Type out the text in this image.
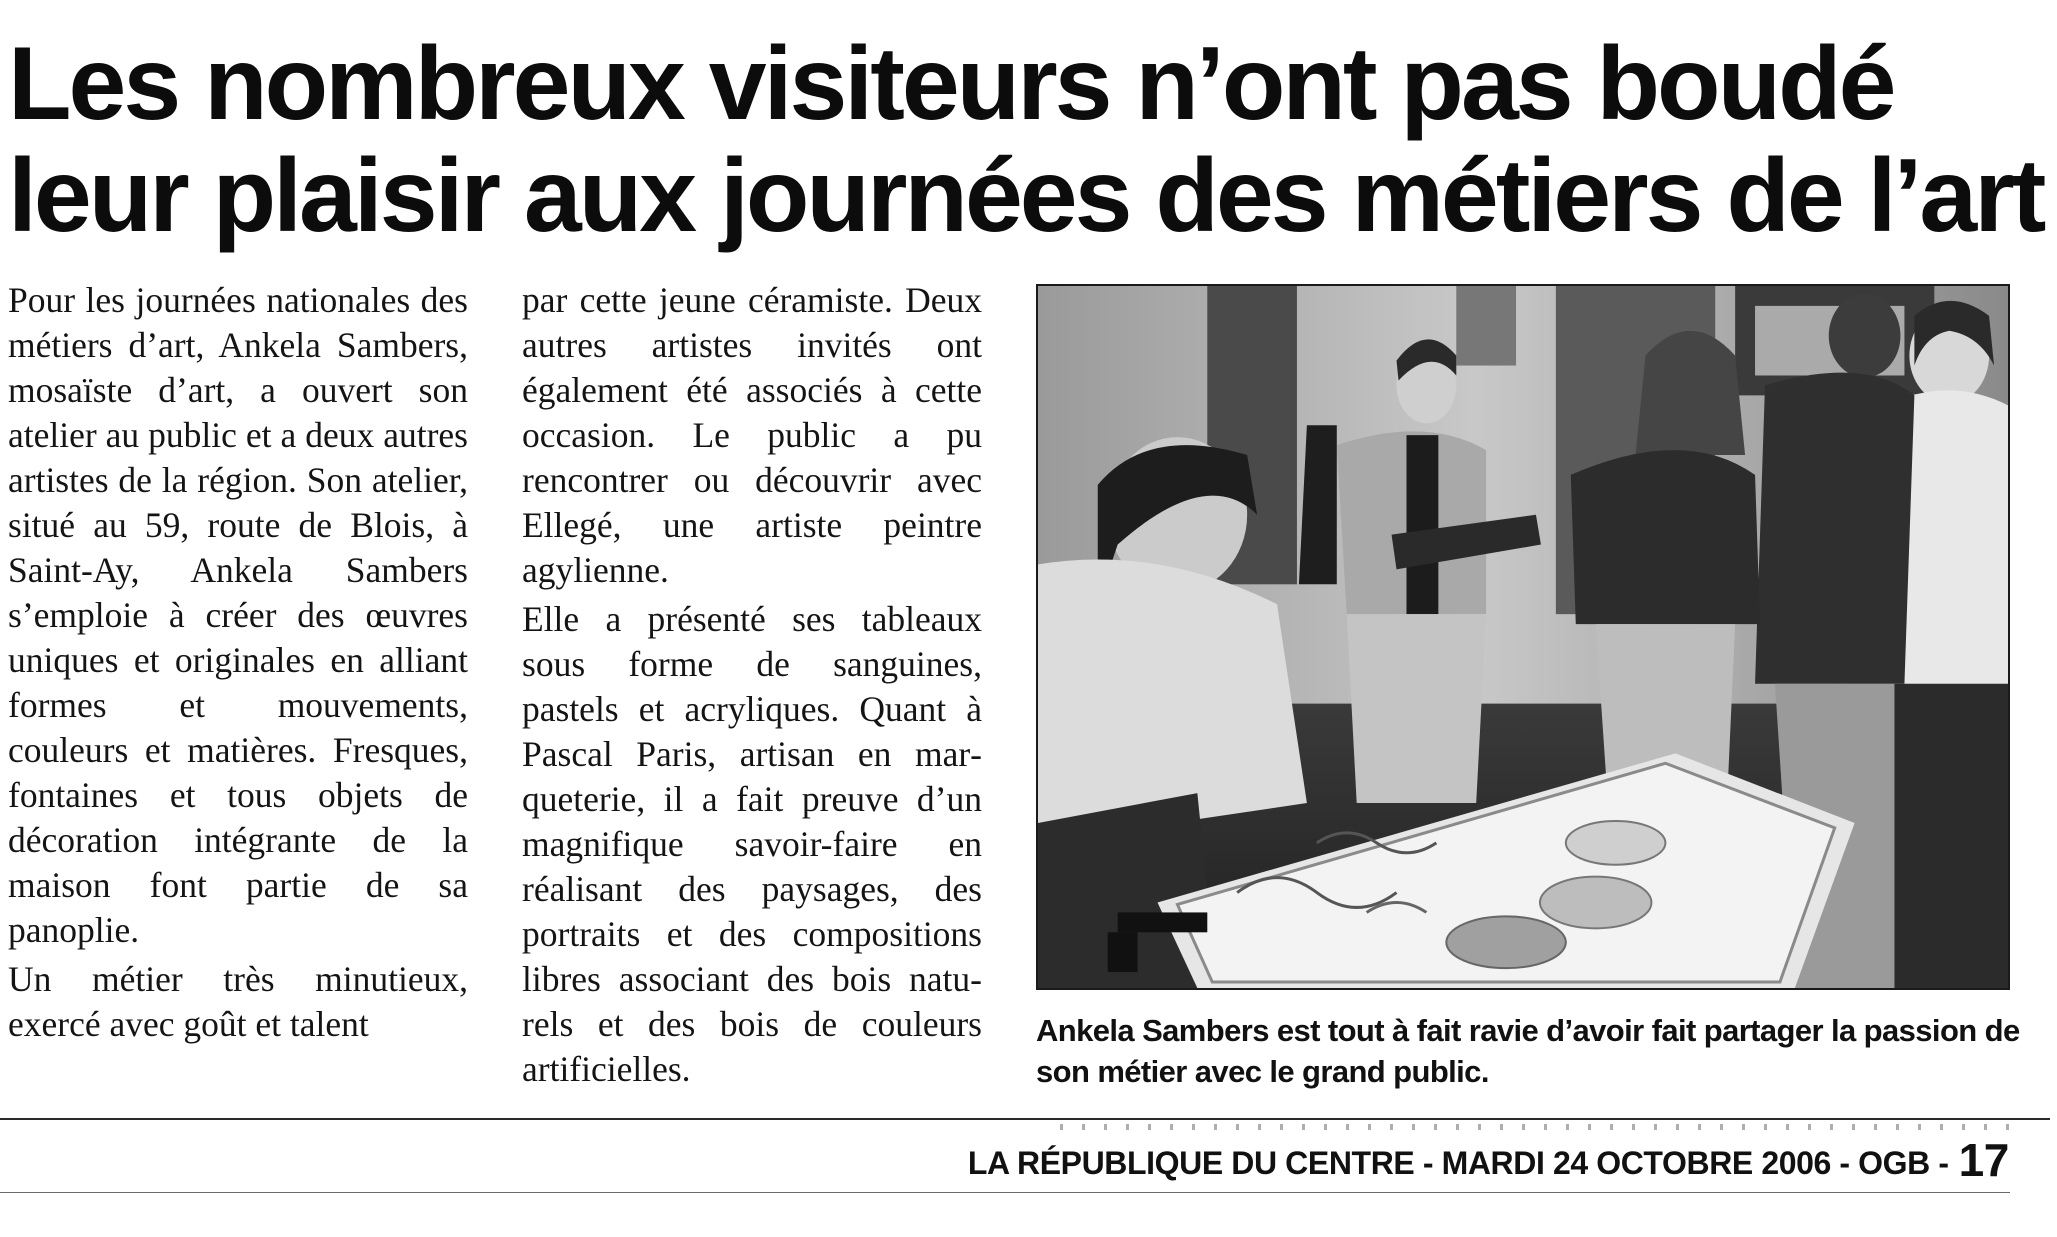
Les nombreux visiteurs n’ont pas boudé
leur plaisir aux journées des métiers de l’art

Pour les journées nationales des métiers d’art, Ankela Sambers, mosaïste d’art, a ouvert son atelier au public et a deux autres artistes de la région. Son atelier, situé au 59, route de Blois, à Saint-Ay, Ankela Sambers s’emploie à créer des œuvres uniques et originales en alliant formes et mouvements, couleurs et matières. Fresques, fontaines et tous objets de décoration intégrante de la maison font partie de sa panoplie.

Un métier très minutieux, exercé avec goût et talent

par cette jeune céramiste. Deux autres artistes invités ont également été associés à cette occasion. Le public a pu rencontrer ou découvrir avec Ellegé, une artiste peintre agylienne.

Elle a présenté ses tableaux sous forme de sanguines, pastels et acryliques. Quant à Pascal Paris, artisan en marqueterie, il a fait preuve d’un magnifique savoir-faire en réalisant des paysages, des portraits et des compositions libres associant des bois naturels et des bois de couleurs artificielles.

Ankela Sambers est tout à fait ravie d’avoir fait partager la passion de son métier avec le grand public.

LA RÉPUBLIQUE DU CENTRE - MARDI 24 OCTOBRE 2006 - OGB - 17
